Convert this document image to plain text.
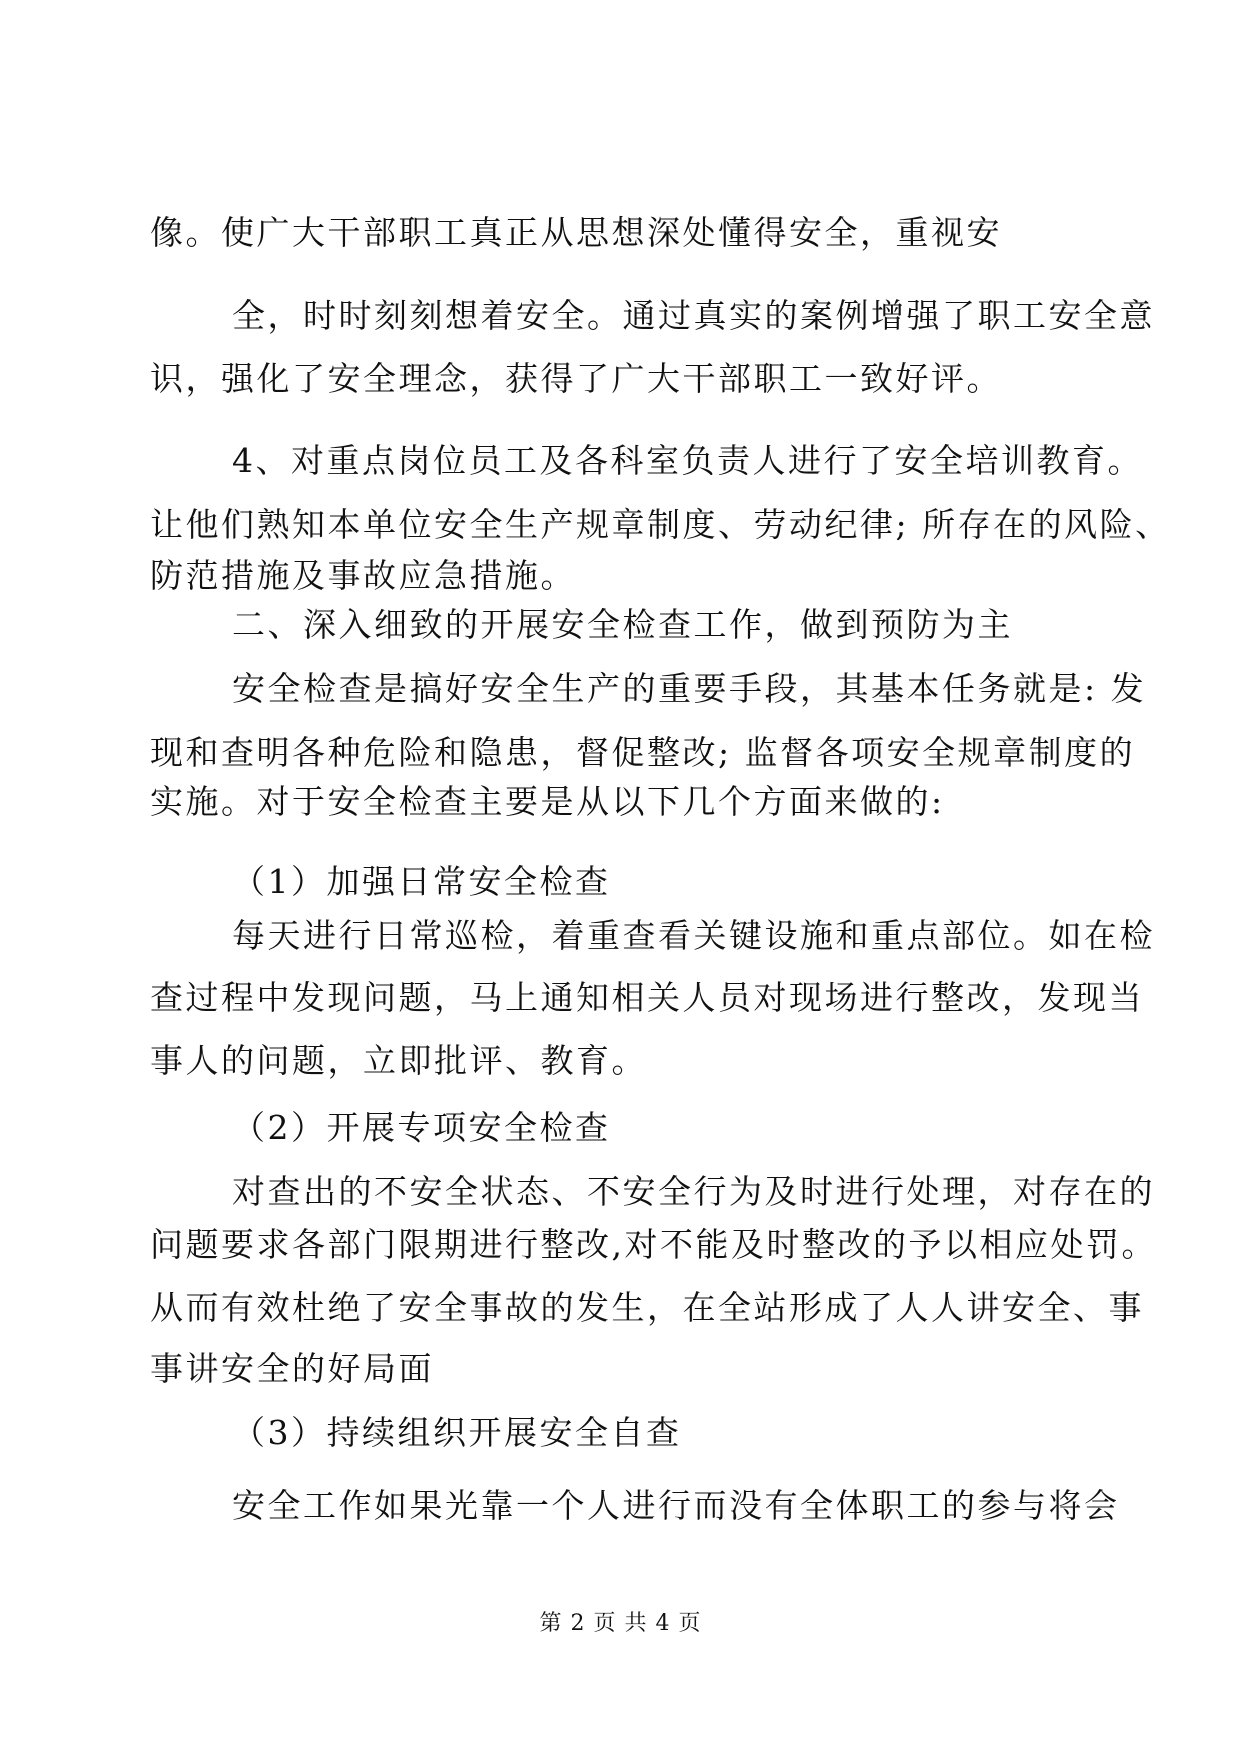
像。使广大干部职工真正从思想深处懂得安全，重视安
全，时时刻刻想着安全。通过真实的案例增强了职工安全意
识，强化了安全理念，获得了广大干部职工一致好评。
4、对重点岗位员工及各科室负责人进行了安全培训教育。
让他们熟知本单位安全生产规章制度、劳动纪律; 所存在的风险、
防范措施及事故应急措施。
二、深入细致的开展安全检查工作，做到预防为主
安全检查是搞好安全生产的重要手段，其基本任务就是: 发
现和查明各种危险和隐患，督促整改; 监督各项安全规章制度的
实施。对于安全检查主要是从以下几个方面来做的:
（1）加强日常安全检查
每天进行日常巡检，着重查看关键设施和重点部位。如在检
查过程中发现问题，马上通知相关人员对现场进行整改，发现当
事人的问题，立即批评、教育。
（2）开展专项安全检查
对查出的不安全状态、不安全行为及时进行处理，对存在的
问题要求各部门限期进行整改,对不能及时整改的予以相应处罚。
从而有效杜绝了安全事故的发生，在全站形成了人人讲安全、事
事讲安全的好局面
（3）持续组织开展安全自查
安全工作如果光靠一个人进行而没有全体职工的参与将会
第 2 页 共 4 页
